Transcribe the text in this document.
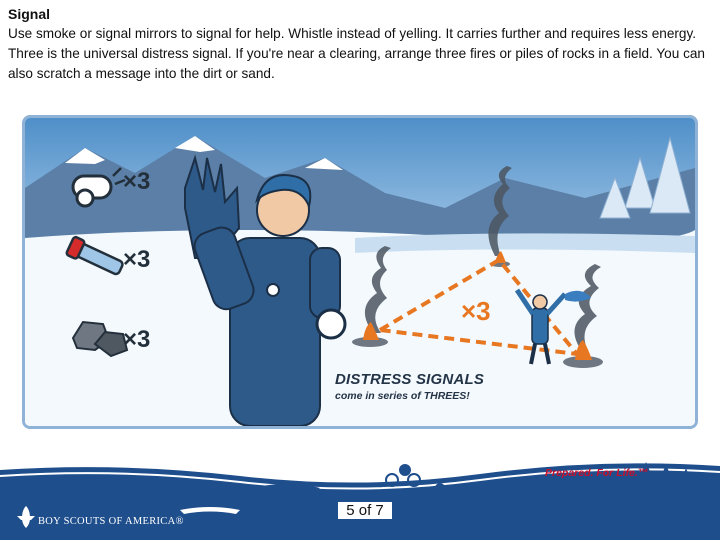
Signal
Use smoke or signal mirrors to signal for help. Whistle instead of yelling. It carries further and requires less energy. Three is the universal distress signal. If you're near a clearing, arrange three fires or piles of rocks in a field. You can also scratch a message into the dirt or sand.
×3
×3
×3
×3
DISTRESS SIGNALS
come in series of THREES!
Prepared. For Life.™
BOY SCOUTS OF AMERICA®
5 of 7
